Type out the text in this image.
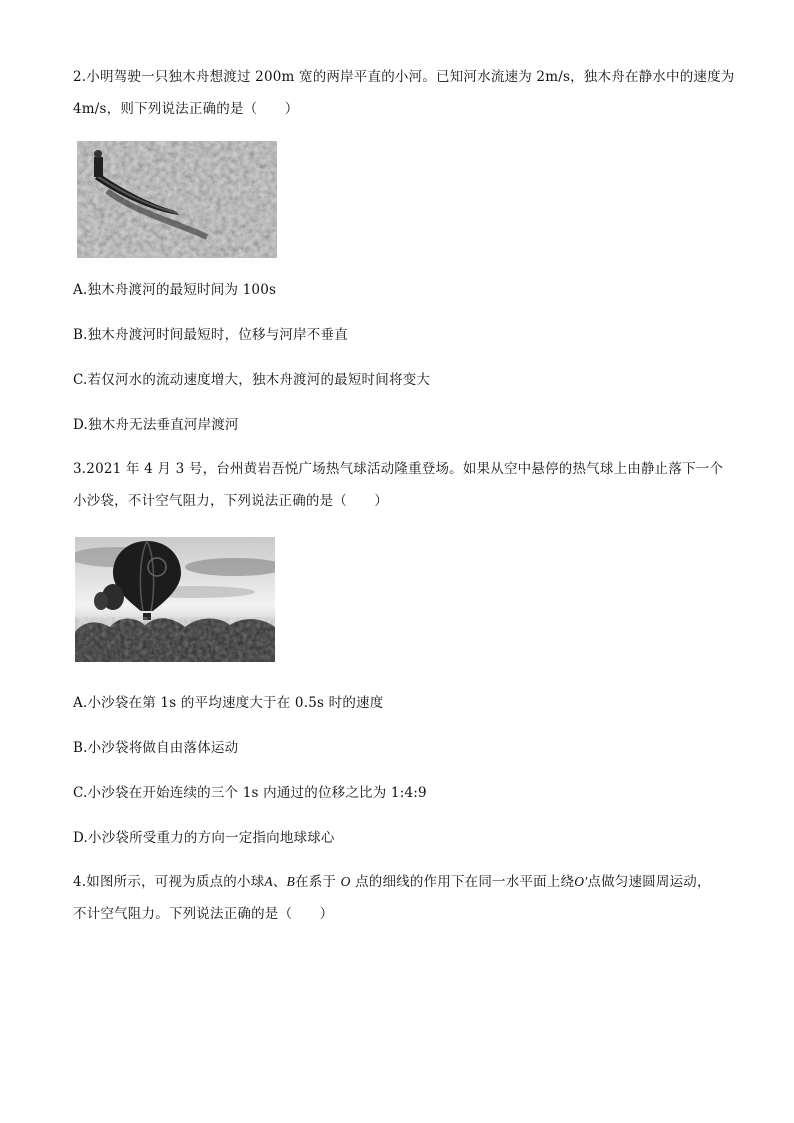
2.小明驾驶一只独木舟想渡过 200m 宽的两岸平直的小河。已知河水流速为 2m/s，独木舟在静水中的速度为
4m/s，则下列说法正确的是（　　）
A.独木舟渡河的最短时间为 100s
B.独木舟渡河时间最短时，位移与河岸不垂直
C.若仅河水的流动速度增大，独木舟渡河的最短时间将变大
D.独木舟无法垂直河岸渡河
3.2021 年 4 月 3 号，台州黄岩吾悦广场热气球活动隆重登场。如果从空中悬停的热气球上由静止落下一个
小沙袋，不计空气阻力，下列说法正确的是（　　）
A.小沙袋在第 1s 的平均速度大于在 0.5s 时的速度
B.小沙袋将做自由落体运动
C.小沙袋在开始连续的三个 1s 内通过的位移之比为 1:4:9
D.小沙袋所受重力的方向一定指向地球球心
4.如图所示，可视为质点的小球A、B在系于 O 点的细线的作用下在同一水平面上绕O′点做匀速圆周运动，
不计空气阻力。下列说法正确的是（　　）
